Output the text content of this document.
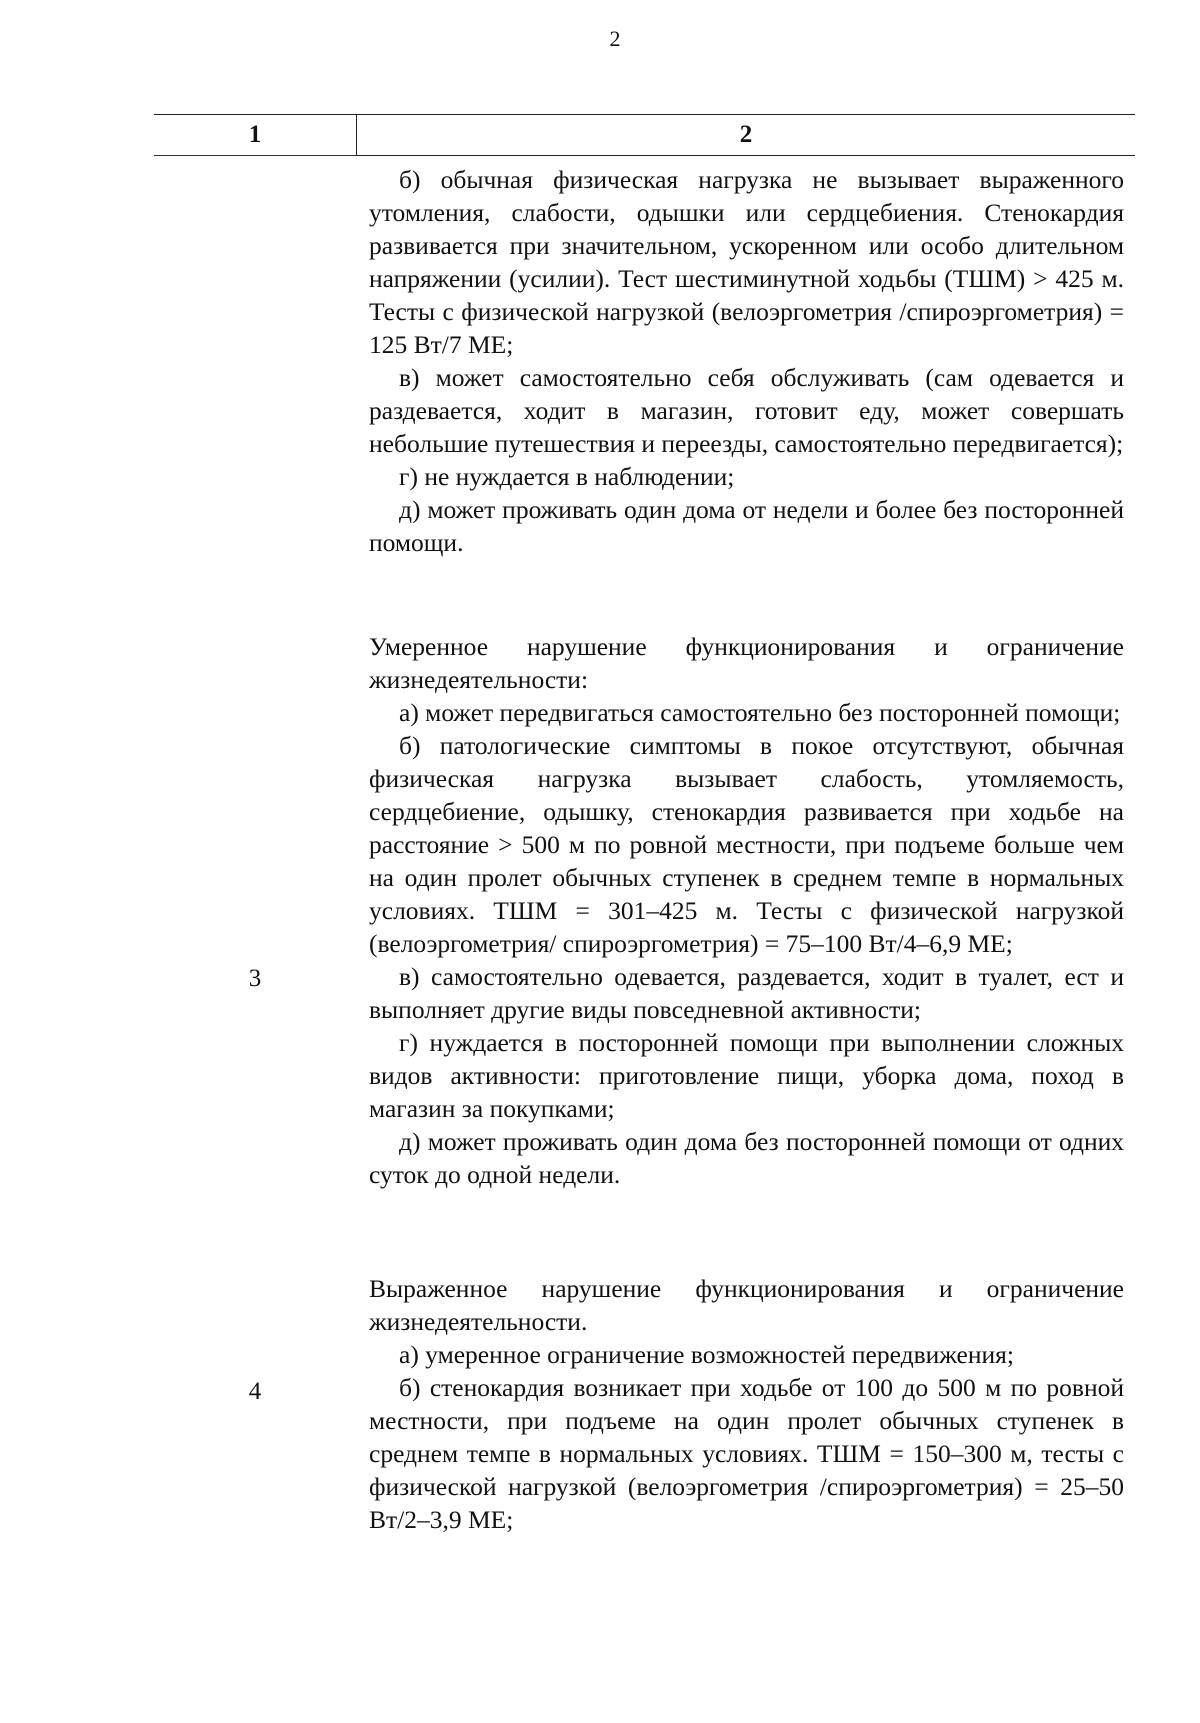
2
1	2

б) обычная физическая нагрузка не вызывает выраженного утомления, слабости, одышки или сердцебиения. Стенокардия развивается при значительном, ускоренном или особо длительном напряжении (усилии). Тест шестиминутной ходьбы (ТШМ) > 425 м. Тесты с физической нагрузкой (велоэргометрия /спироэргометрия) = 125 Вт/7 МЕ;

в) может самостоятельно себя обслуживать (сам одевается и раздевается, ходит в магазин, готовит еду, может совершать небольшие путешествия и переезды, самостоятельно передвигается);

г) не нуждается в наблюдении;

д) может проживать один дома от недели и более без посторонней помощи.

3

Умеренное нарушение функционирования и ограничение жизнедеятельности:

а) может передвигаться самостоятельно без посторонней помощи;

б) патологические симптомы в покое отсутствуют, обычная физическая нагрузка вызывает слабость, утомляемость, сердцебиение, одышку, стенокардия развивается при ходьбе на расстояние > 500 м по ровной местности, при подъеме больше чем на один пролет обычных ступенек в среднем темпе в нормальных условиях. ТШМ = 301–425 м. Тесты с физической нагрузкой (велоэргометрия/ спироэргометрия) = 75–100 Вт/4–6,9 МЕ;

в) самостоятельно одевается, раздевается, ходит в туалет, ест и выполняет другие виды повседневной активности;

г) нуждается в посторонней помощи при выполнении сложных видов активности: приготовление пищи, уборка дома, поход в магазин за покупками;

д) может проживать один дома без посторонней помощи от одних суток до одной недели.

4

Выраженное нарушение функционирования и ограничение жизнедеятельности.

а) умеренное ограничение возможностей передвижения;

б) стенокардия возникает при ходьбе от 100 до 500 м по ровной местности, при подъеме на один пролет обычных ступенек в среднем темпе в нормальных условиях. ТШМ = 150–300 м, тесты с физической нагрузкой (велоэргометрия /спироэргометрия) = 25–50 Вт/2–3,9 МЕ;
